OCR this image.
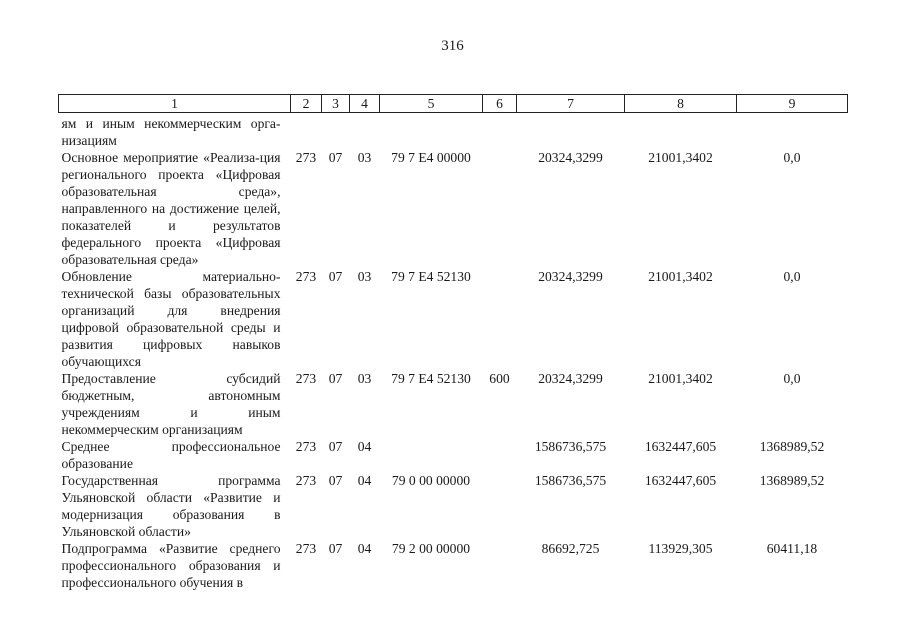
316
1	2	3	4	5	6	7	8	9
ям и иным некоммерческим орга-низациям								
Основное мероприятие «Реализа-ция регионального проекта «Цифровая образовательная среда», направленного на достижение целей, показателей и результатов федерального проекта «Цифровая образовательная среда»	273	07	03	79 7 Е4 00000		20324,3299	21001,3402	0,0
Обновление материально-технической базы образовательных организаций для внедрения цифровой образовательной среды и развития цифровых навыков обучающихся	273	07	03	79 7 Е4 52130		20324,3299	21001,3402	0,0
Предоставление субсидий бюджетным, автономным учреждениям и иным некоммерческим организациям	273	07	03	79 7 Е4 52130	600	20324,3299	21001,3402	0,0
Среднее профессиональное образование	273	07	04			1586736,575	1632447,605	1368989,52
Государственная программа Ульяновской области «Развитие и модернизация образования в Ульяновской области»	273	07	04	79 0 00 00000		1586736,575	1632447,605	1368989,52
Подпрограмма «Развитие среднего профессионального образования и профессионального обучения в	273	07	04	79 2 00 00000		86692,725	113929,305	60411,18
